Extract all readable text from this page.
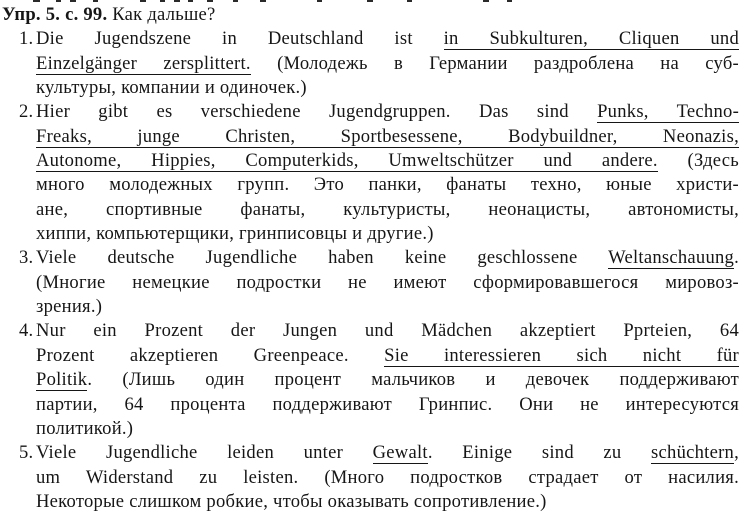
Упр. 5. с. 99. Как дальше?
1. Die Jugendszene in Deutschland ist in Subkulturen, Cliquen und
Einzelgänger zersplittert. (Молодежь в Германии раздроблена на суб-
культуры, компании и одиночек.)
2. Hier gibt es verschiedene Jugendgruppen. Das sind Punks, Techno-
Freaks, junge Christen, Sportbesessene, Bodybuildner, Neonazis,
Autonome, Hippies, Computerkids, Umweltschützer und andere. (Здесь
много молодежных групп. Это панки, фанаты техно, юные христи-
ане, спортивные фанаты, культуристы, неонацисты, автономисты,
хиппи, компьютерщики, гринписовцы и другие.)
3. Viele deutsche Jugendliche haben keine geschlossene Weltanschauung.
(Многие немецкие подростки не имеют сформировавшегося мировоз-
зрения.)
4. Nur ein Prozent der Jungen und Mädchen akzeptiert Pprteien, 64
Prozent akzeptieren Greenpeace. Sie interessieren sich nicht für
Politik. (Лишь один процент мальчиков и девочек поддерживают
партии, 64 процента поддерживают Гринпис. Они не интересуются
политикой.)
5. Viele Jugendliche leiden unter Gewalt. Einige sind zu schüchtern,
um Widerstand zu leisten. (Много подростков страдает от насилия.
Некоторые слишком робкие, чтобы оказывать сопротивление.)
